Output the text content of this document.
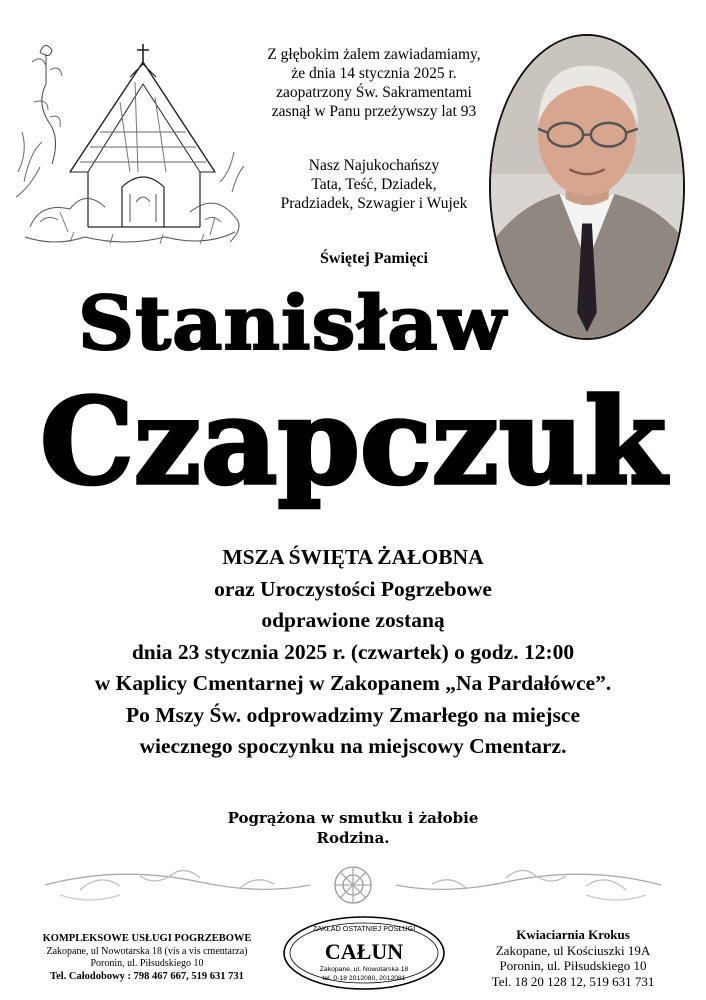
Z głębokim żalem zawiadamiamy,
że dnia 14 stycznia 2025 r.
zaopatrzony Św. Sakramentami
zasnął w Panu przeżywszy lat 93
Nasz Najukochańszy
Tata, Teść, Dziadek,
Pradziadek, Szwagier i Wujek
Świętej Pamięci
Stanisław
Czapczuk
MSZA ŚWIĘTA ŻAŁOBNA
oraz Uroczystości Pogrzebowe
odprawione zostaną
dnia 23 stycznia 2025 r. (czwartek) o godz. 12:00
w Kaplicy Cmentarnej w Zakopanem „Na Pardałówce”.
Po Mszy Św. odprowadzimy Zmarłego na miejsce
wiecznego spoczynku na miejscowy Cmentarz.
Pogrążona w smutku i żałobie
Rodzina.
KOMPLEKSOWE USŁUGI POGRZEBOWE
Zakopane, ul Nowotarska 18 (vis a vis cmentarza)
Poronin, ul. Piłsudskiego 10
Tel. Całodobowy : 798 467 667, 519 631 731
ZAKŁAD OSTATNIEJ POSŁUGI
CAŁUN
Zakopane, ul. Nowotarska 18
tel. 0-18 2012080, 2012081
Kwiaciarnia Krokus
Zakopane, ul Kościuszki 19A
Poronin, ul. Piłsudskiego 10
Tel. 18 20 128 12, 519 631 731
